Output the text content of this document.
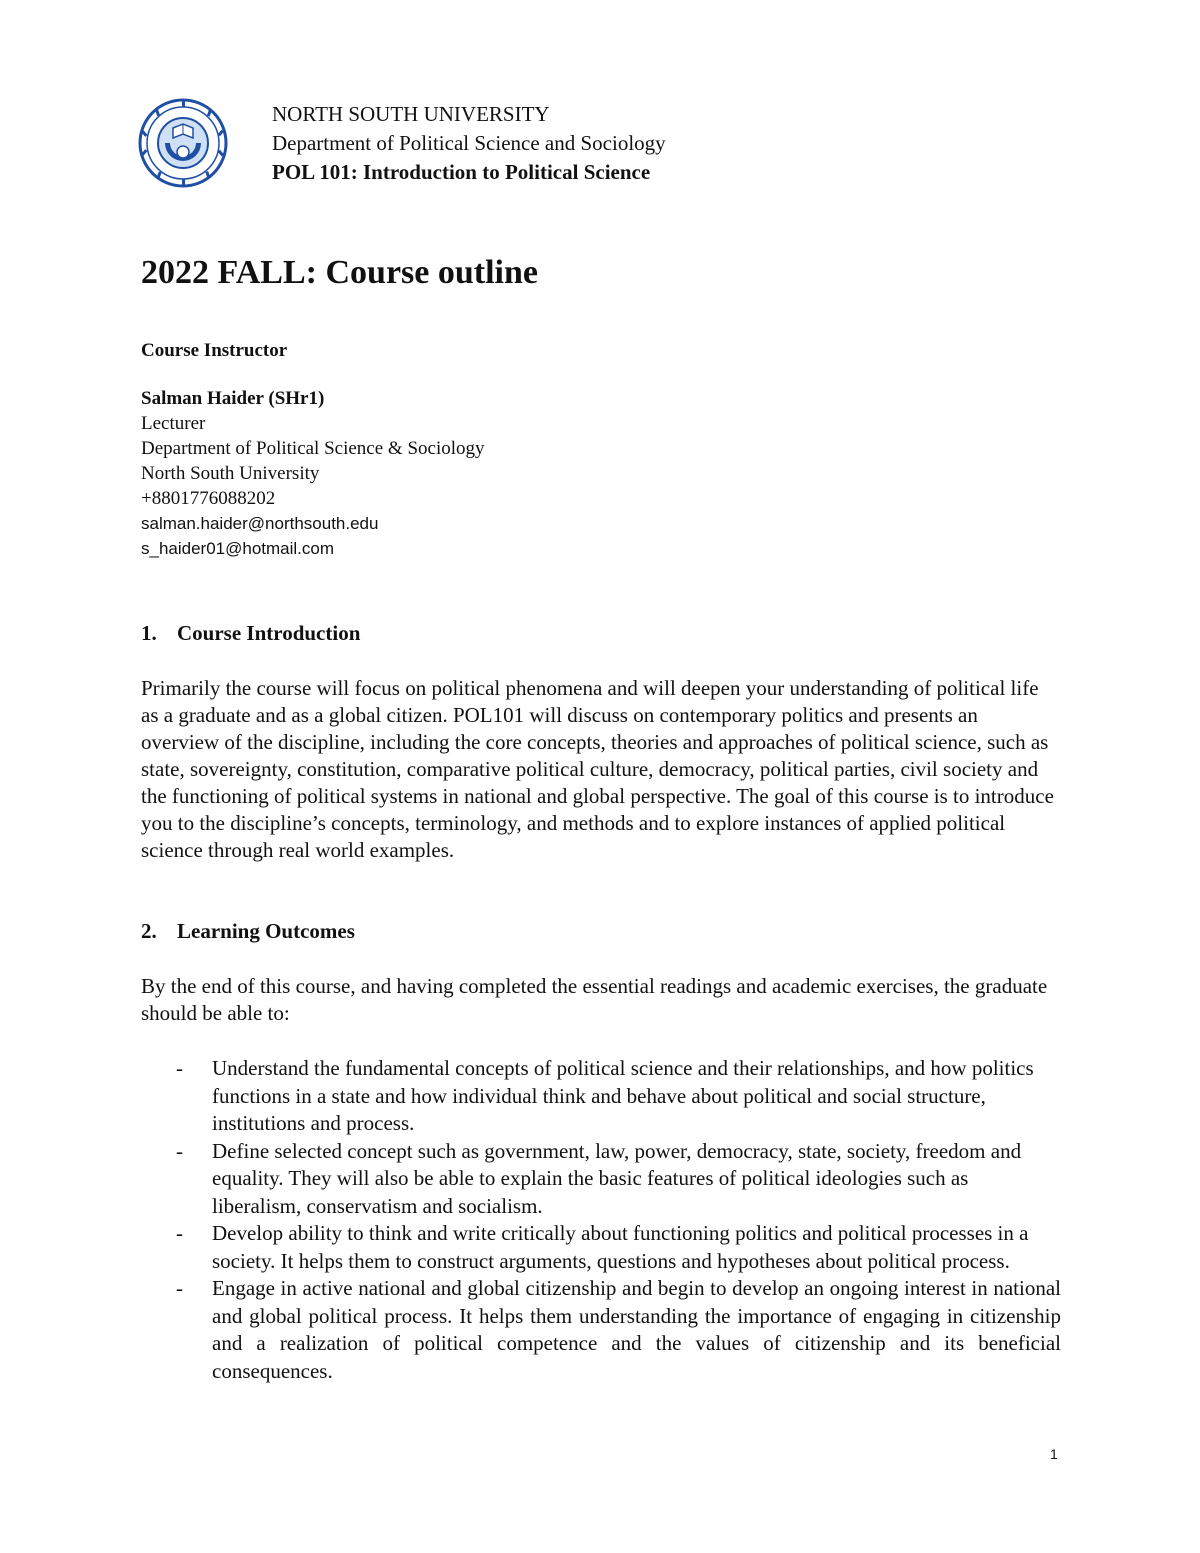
NORTH SOUTH UNIVERSITY
Department of Political Science and Sociology
POL 101: Introduction to Political Science
2022 FALL: Course outline
Course Instructor
Salman Haider (SHr1)
Lecturer
Department of Political Science & Sociology
North South University
+8801776088202
salman.haider@northsouth.edu
s_haider01@hotmail.com
1. Course Introduction
Primarily the course will focus on political phenomena and will deepen your understanding of political life as a graduate and as a global citizen. POL101 will discuss on contemporary politics and presents an overview of the discipline, including the core concepts, theories and approaches of political science, such as state, sovereignty, constitution, comparative political culture, democracy, political parties, civil society and the functioning of political systems in national and global perspective. The goal of this course is to introduce you to the discipline’s concepts, terminology, and methods and to explore instances of applied political science through real world examples.
2. Learning Outcomes
By the end of this course, and having completed the essential readings and academic exercises, the graduate should be able to:
- Understand the fundamental concepts of political science and their relationships, and how politics functions in a state and how individual think and behave about political and social structure, institutions and process.
- Define selected concept such as government, law, power, democracy, state, society, freedom and equality. They will also be able to explain the basic features of political ideologies such as liberalism, conservatism and socialism.
- Develop ability to think and write critically about functioning politics and political processes in a society. It helps them to construct arguments, questions and hypotheses about political process.
- Engage in active national and global citizenship and begin to develop an ongoing interest in national and global political process. It helps them understanding the importance of engaging in citizenship and a realization of political competence and the values of citizenship and its beneficial consequences.
1
